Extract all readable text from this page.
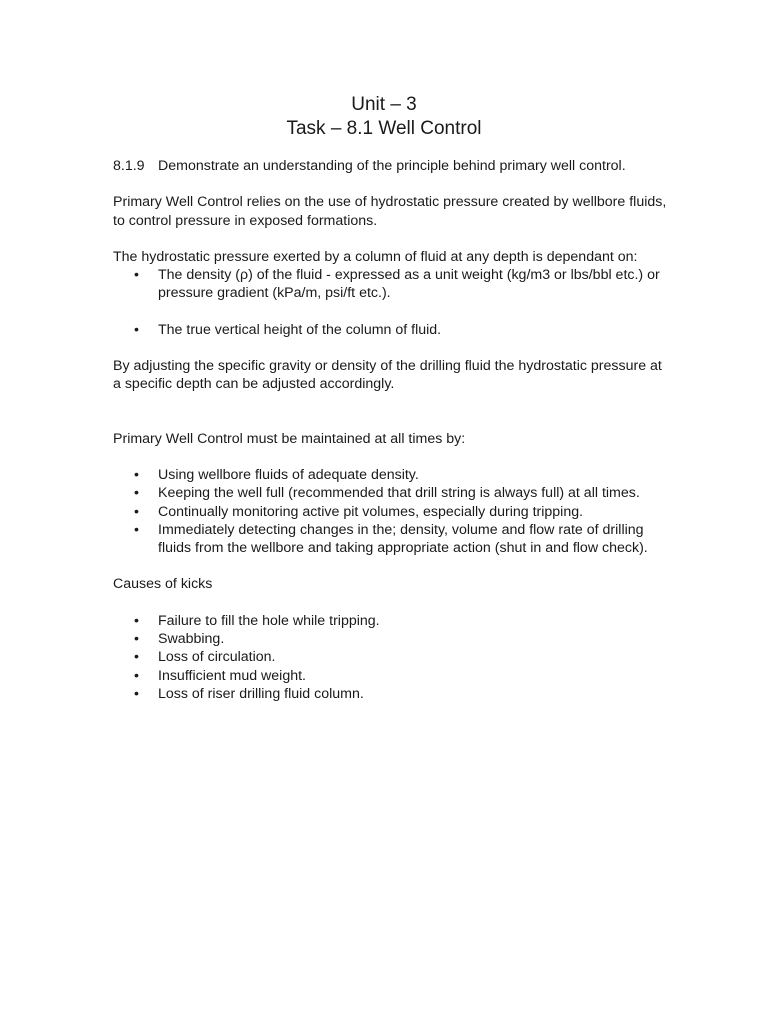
Unit – 3
Task – 8.1 Well Control
8.1.9 Demonstrate an understanding of the principle behind primary well control.

Primary Well Control relies on the use of hydrostatic pressure created by wellbore fluids, to control pressure in exposed formations.

The hydrostatic pressure exerted by a column of fluid at any depth is dependant on:

• The density (ρ) of the fluid - expressed as a unit weight (kg/m3 or lbs/bbl etc.) or pressure gradient (kPa/m, psi/ft etc.).
• The true vertical height of the column of fluid.

By adjusting the specific gravity or density of the drilling fluid the hydrostatic pressure at a specific depth can be adjusted accordingly.

Primary Well Control must be maintained at all times by:

• Using wellbore fluids of adequate density.
• Keeping the well full (recommended that drill string is always full) at all times.
• Continually monitoring active pit volumes, especially during tripping.
• Immediately detecting changes in the; density, volume and flow rate of drilling fluids from the wellbore and taking appropriate action (shut in and flow check).

Causes of kicks

• Failure to fill the hole while tripping.
• Swabbing.
• Loss of circulation.
• Insufficient mud weight.
• Loss of riser drilling fluid column.
